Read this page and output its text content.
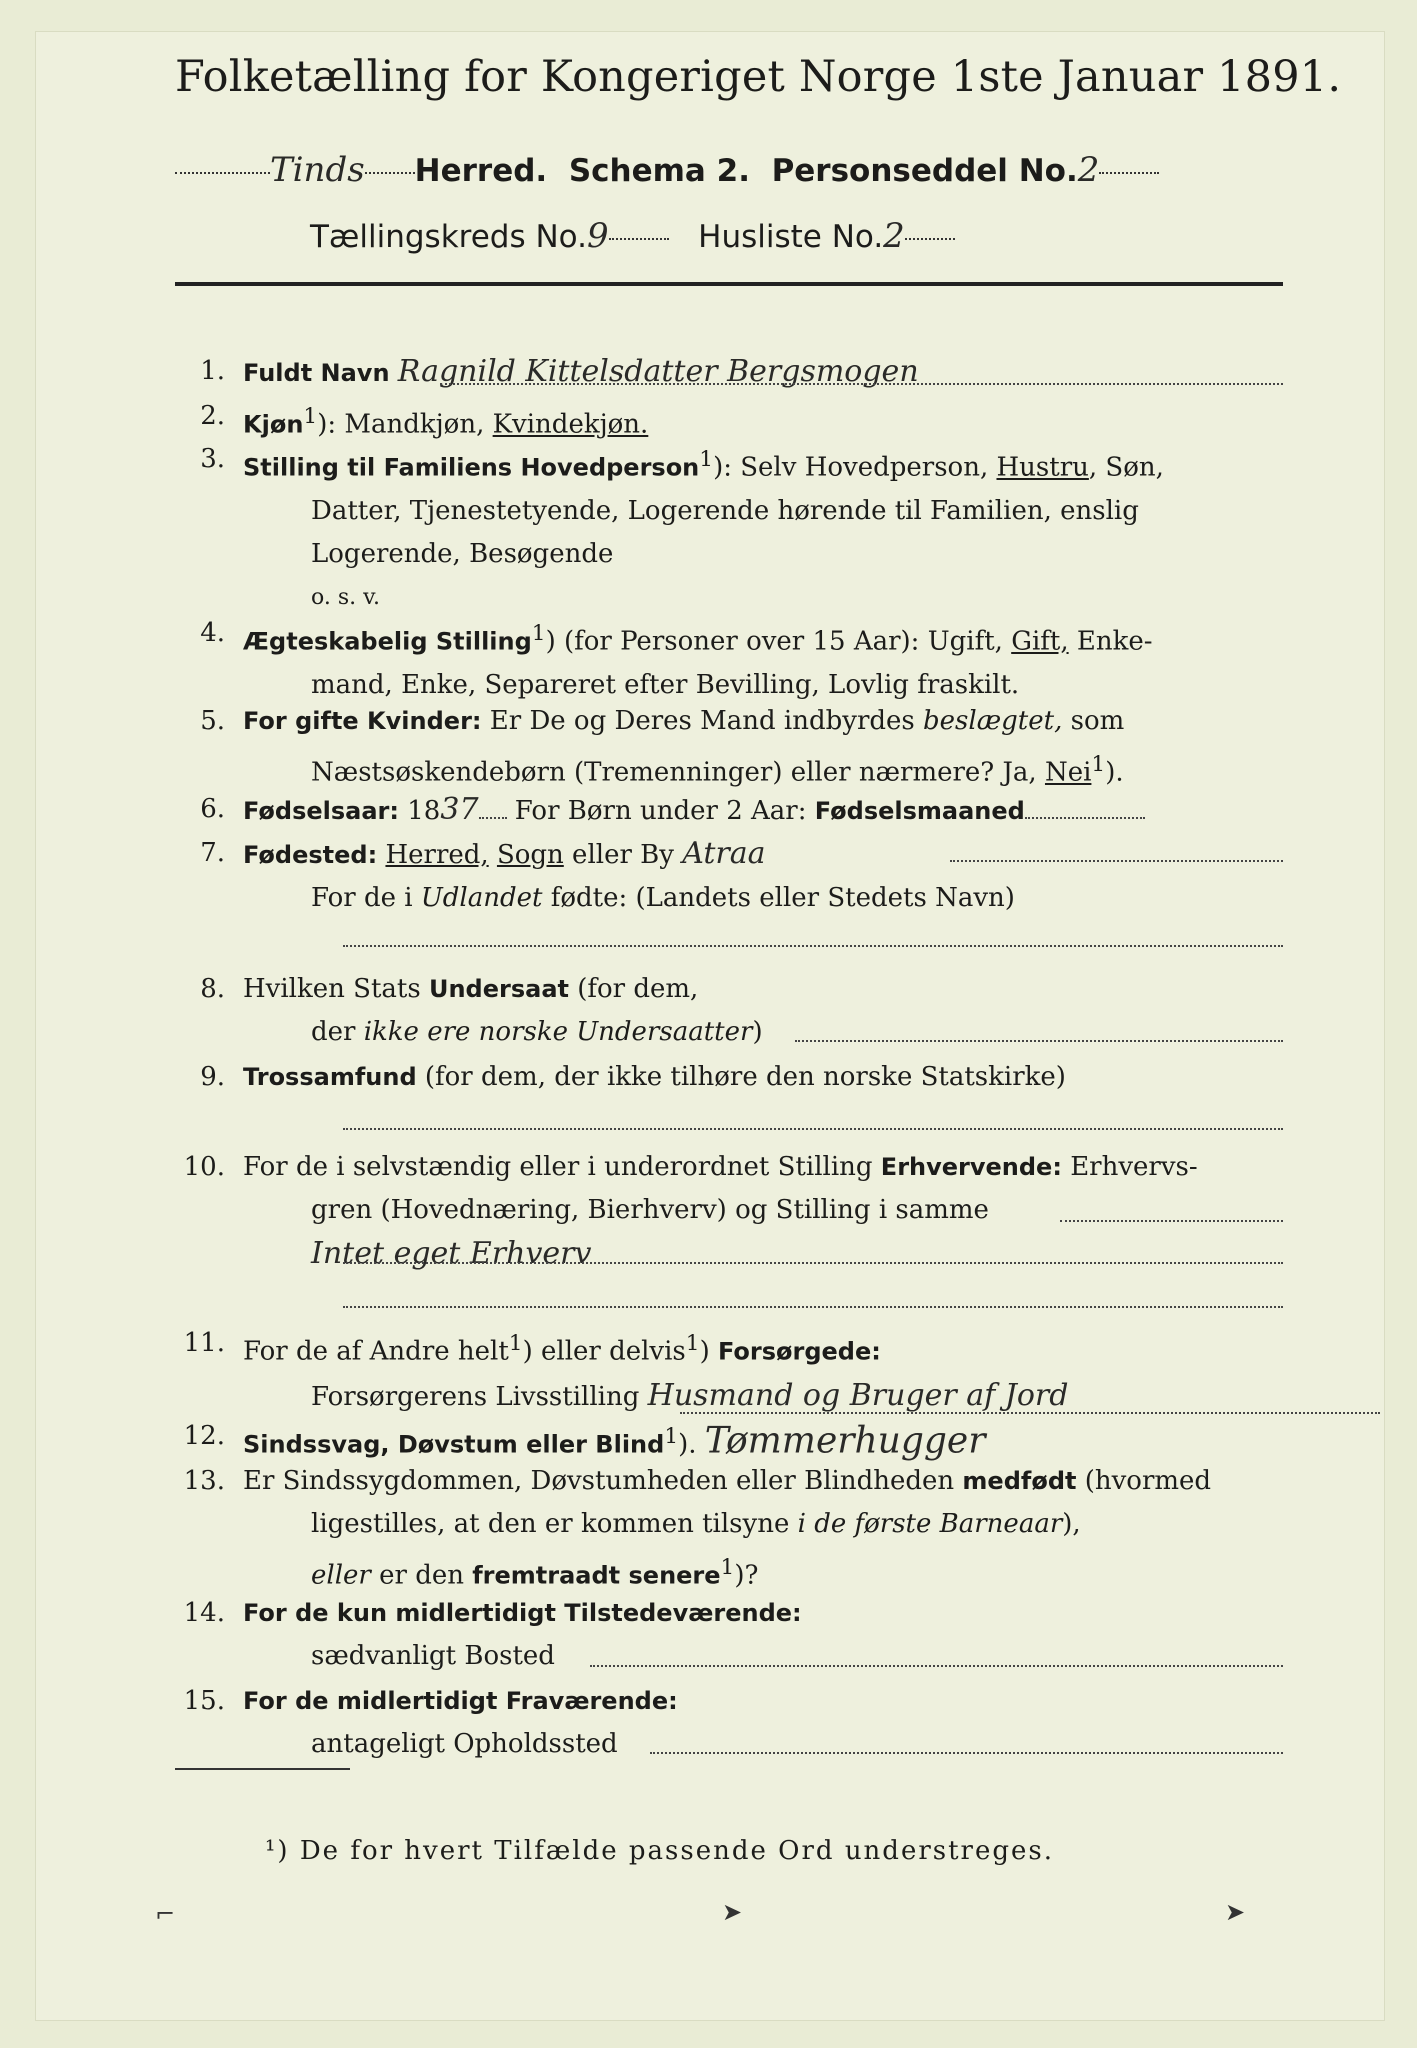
Folketælling for Kongeriget Norge 1ste Januar 1891.
Tinds Herred. Schema 2. Personseddel No.2
Tællingskreds No.9	Husliste No.2
1. Fuldt Navn Ragnild Kittelsdatter Bergsmogen
2. Kjøn$^1$): Mandkjøn, Kvindekjøn.
3. Stilling til Familiens Hovedperson$^1$): Selv Hovedperson, Hustru, Søn,
Datter, Tjenestetyende, Logerende hørende til Familien, enslig
Logerende, Besøgende
o. s. v.
4. Ægteskabelig Stilling$^1$) (for Personer over 15 Aar): Ugift, Gift, Enke-
mand, Enke, Separeret efter Bevilling, Lovlig fraskilt.
5. For gifte Kvinder: Er De og Deres Mand indbyrdes beslægtet, som
Næstsøskendebørn (Tremenninger) eller nærmere? Ja, Nei$^1$).
6. Fødselsaar: 1837 For Børn under 2 Aar: Fødselsmaaned
7. Fødested: Herred, Sogn eller By Atraa
For de i Udlandet fødte: (Landets eller Stedets Navn)
8. Hvilken Stats Undersaat (for dem,
der ikke ere norske Undersaatter)
9. Trossamfund (for dem, der ikke tilhøre den norske Statskirke)
10. For de i selvstændig eller i underordnet Stilling Erhvervende: Erhvervs-
gren (Hovednæring, Bierhverv) og Stilling i samme
Intet eget Erhverv
11. For de af Andre helt$^1$) eller delvis$^1$) Forsørgede:
Forsørgerens Livsstilling Husmand og Bruger af Jord
12. Sindssvag, Døvstum eller Blind$^1$). Tømmerhugger
13. Er Sindssygdommen, Døvstumheden eller Blindheden medfødt (hvormed
ligestilles, at den er kommen tilsyne i de første Barneaar),
eller er den fremtraadt senere$^1$)?
14. For de kun midlertidigt Tilstedeværende:
sædvanligt Bosted
15. For de midlertidigt Fraværende:
antageligt Opholdssted
¹) De for hvert Tilfælde passende Ord understreges.
⌐	➤	➤
